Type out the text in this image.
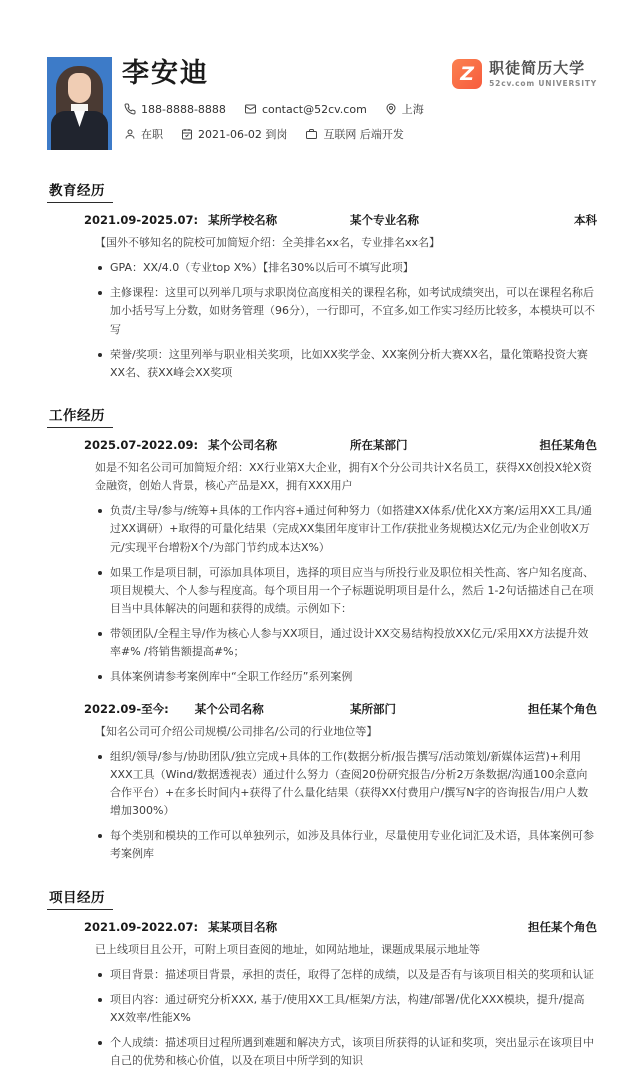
李安迪
188-8888-8888	contact@52cv.com	上海
在职	2021-06-02 到岗	互联网 后端开发
Z	职徒简历大学
52cv.com UNIVERSITY
教育经历
2021.09-2025.07: 某所学校名称	某个专业名称	本科
【国外不够知名的院校可加简短介绍：全美排名xx名，专业排名xx名】
GPA：XX/4.0（专业top X%）【排名30%以后可不填写此项】
主修课程：这里可以列举几项与求职岗位高度相关的课程名称，如考试成绩突出，可以在课程名称后加小括号写上分数，如财务管理（96分），一行即可，不宜多,如工作实习经历比较多，本模块可以不写
荣誉/奖项：这里列举与职业相关奖项，比如XX奖学金、XX案例分析大赛XX名，量化策略投资大赛XX名、获XX峰会XX奖项
工作经历
2025.07-2022.09: 某个公司名称	所在某部门	担任某角色
如是不知名公司可加简短介绍：XX行业第X大企业，拥有X个分公司共计X名员工，获得XX创投X轮X资金融资，创始人背景，核心产品是XX，拥有XXX用户
负责/主导/参与/统筹+具体的工作内容+通过何种努力（如搭建XX体系/优化XX方案/运用XX工具/通过XX调研）+取得的可量化结果（完成XX集团年度审计工作/获批业务规模达X亿元/为企业创收X万元/实现平台增粉X个/为部门节约成本达X%）
如果工作是项目制，可添加具体项目，选择的项目应当与所投行业及职位相关性高、客户知名度高、项目规模大、个人参与程度高。每个项目用一个子标题说明项目是什么，然后 1-2句话描述自己在项目当中具体解决的问题和获得的成绩。示例如下：
带领团队/全程主导/作为核心人参与XX项目，通过设计XX交易结构投放XX亿元/采用XX方法提升效率#% /将销售额提高#%；
具体案例请参考案例库中“全职工作经历”系列案例
2022.09-至今: 某个公司名称	某所部门	担任某个角色
【知名公司可介绍公司规模/公司排名/公司的行业地位等】
组织/领导/参与/协助团队/独立完成+具体的工作(数据分析/报告撰写/活动策划/新媒体运营)+利用XXX工具（Wind/数据透视表）通过什么努力（查阅20份研究报告/分析2万条数据/沟通100余意向合作平台）+在多长时间内+获得了什么量化结果（获得XX付费用户/撰写N字的咨询报告/用户人数增加300%）
每个类别和模块的工作可以单独列示，如涉及具体行业，尽量使用专业化词汇及术语，具体案例可参考案例库
项目经历
2021.09-2022.07: 某某项目名称	担任某个角色
已上线项目且公开，可附上项目查阅的地址，如网站地址，课题成果展示地址等
项目背景：描述项目背景，承担的责任，取得了怎样的成绩，以及是否有与该项目相关的奖项和认证
项目内容：通过研究分析XXX, 基于/使用XX工具/框架/方法，构建/部署/优化XXX模块，提升/提高XX效率/性能X%
个人成绩：描述项目过程所遇到难题和解决方式，该项目所获得的认证和奖项，突出显示在该项目中自己的优势和核心价值，以及在项目中所学到的知识
